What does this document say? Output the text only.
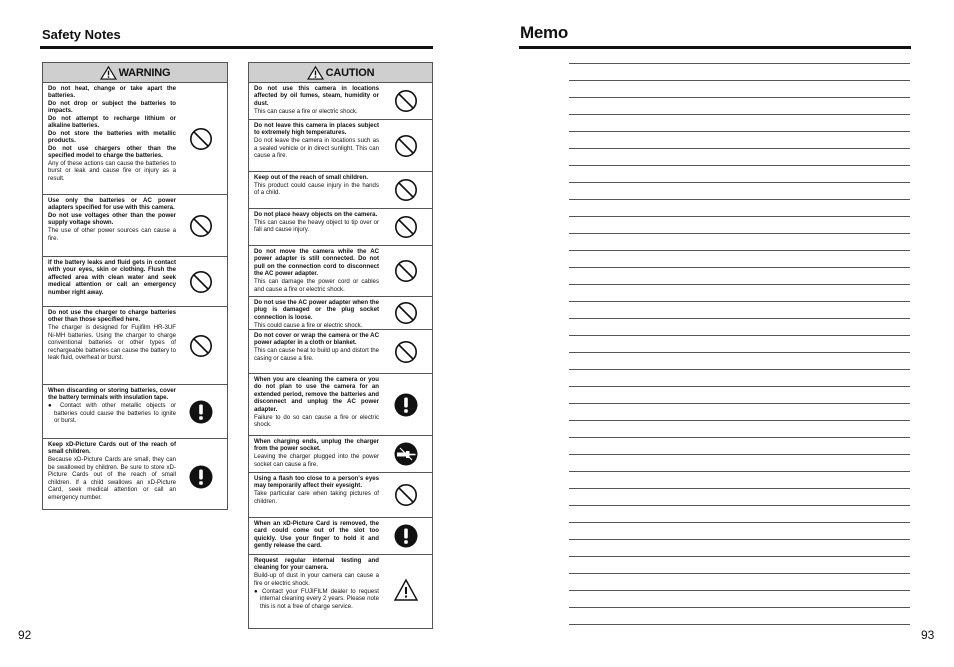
Safety Notes
WARNING
Do not heat, change or take apart the batteries.
Do not drop or subject the batteries to impacts.
Do not attempt to recharge lithium or alkaline batteries.
Do not store the batteries with metallic products.
Do not use chargers other than the specified model to charge the batteries.
Any of these actions can cause the batteries to burst or leak and cause fire or injury as a result.
Use only the batteries or AC power adapters specified for use with this camera.
Do not use voltages other than the power supply voltage shown.
The use of other power sources can cause a fire.
If the battery leaks and fluid gets in contact with your eyes, skin or clothing. Flush the affected area with clean water and seek medical attention or call an emergency number right away.
Do not use the charger to charge batteries other than those specified here.
The charger is designed for Fujifilm HR-3UF Ni-MH batteries. Using the charger to charge conventional batteries or other types of rechargeable batteries can cause the battery to leak fluid, overheat or burst.
When discarding or storing batteries, cover the battery terminals with insulation tape.
● Contact with other metallic objects or batteries could cause the batteries to ignite or burst.
Keep xD-Picture Cards out of the reach of small children.
Because xD-Picture Cards are small, they can be swallowed by children. Be sure to store xD-Picture Cards out of the reach of small children. If a child swallows an xD-Picture Card, seek medical attention or call an emergency number.
CAUTION
Do not use this camera in locations affected by oil fumes, steam, humidity or dust.
This can cause a fire or electric shock.
Do not leave this camera in places subject to extremely high temperatures.
Do not leave the camera in locations such as a sealed vehicle or in direct sunlight. This can cause a fire.
Keep out of the reach of small children.
This product could cause injury in the hands of a child.
Do not place heavy objects on the camera.
This can cause the heavy object to tip over or fall and cause injury.
Do not move the camera while the AC power adapter is still connected. Do not pull on the connection cord to disconnect the AC power adapter.
This can damage the power cord or cables and cause a fire or electric shock.
Do not use the AC power adapter when the plug is damaged or the plug socket connection is loose.
This could cause a fire or electric shock.
Do not cover or wrap the camera or the AC power adapter in a cloth or blanket.
This can cause heat to build up and distort the casing or cause a fire.
When you are cleaning the camera or you do not plan to use the camera for an extended period, remove the batteries and disconnect and unplug the AC power adapter.
Failure to do so can cause a fire or electric shock.
When charging ends, unplug the charger from the power socket.
Leaving the charger plugged into the power socket can cause a fire.
Using a flash too close to a person's eyes may temporarily affect their eyesight.
Take particular care when taking pictures of children.
When an xD-Picture Card is removed, the card could come out of the slot too quickly. Use your finger to hold it and gently release the card.
Request regular internal testing and cleaning for your camera.
Build-up of dust in your camera can cause a fire or electric shock.
● Contact your FUJIFILM dealer to request internal cleaning every 2 years. Please note this is not a free of charge service.
92
Memo
93
